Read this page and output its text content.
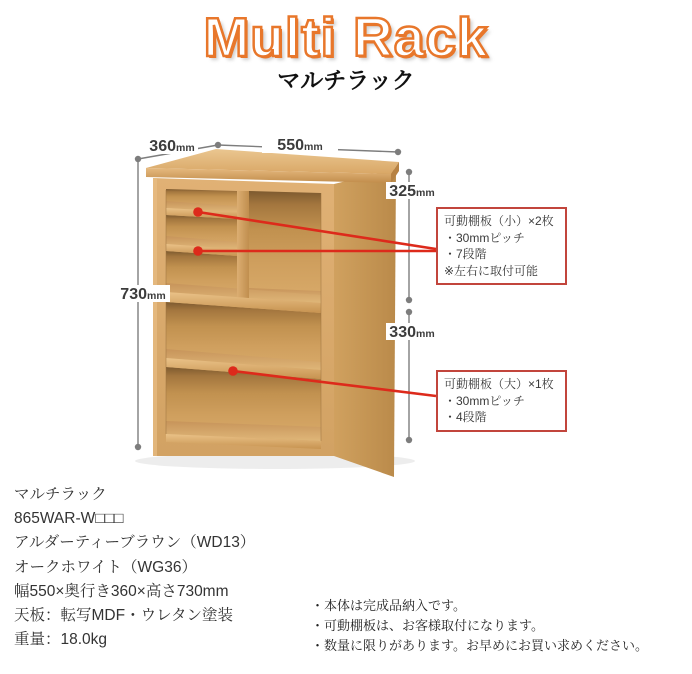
Multi Rack
マルチラック
360mm	550mm
730mm
325mm
330mm
可動棚板（小）×2枚
・30mmピッチ
・7段階
※左右に取付可能
可動棚板（大）×1枚
・30mmピッチ
・4段階
マルチラック
865WAR-W□□□
アルダーティーブラウン（WD13）
オークホワイト（WG36）
幅550×奥行き360×高さ730mm
天板：転写MDF・ウレタン塗装
重量：18.0kg
・本体は完成品納入です。
・可動棚板は、お客様取付になります。
・数量に限りがあります。お早めにお買い求めください。
